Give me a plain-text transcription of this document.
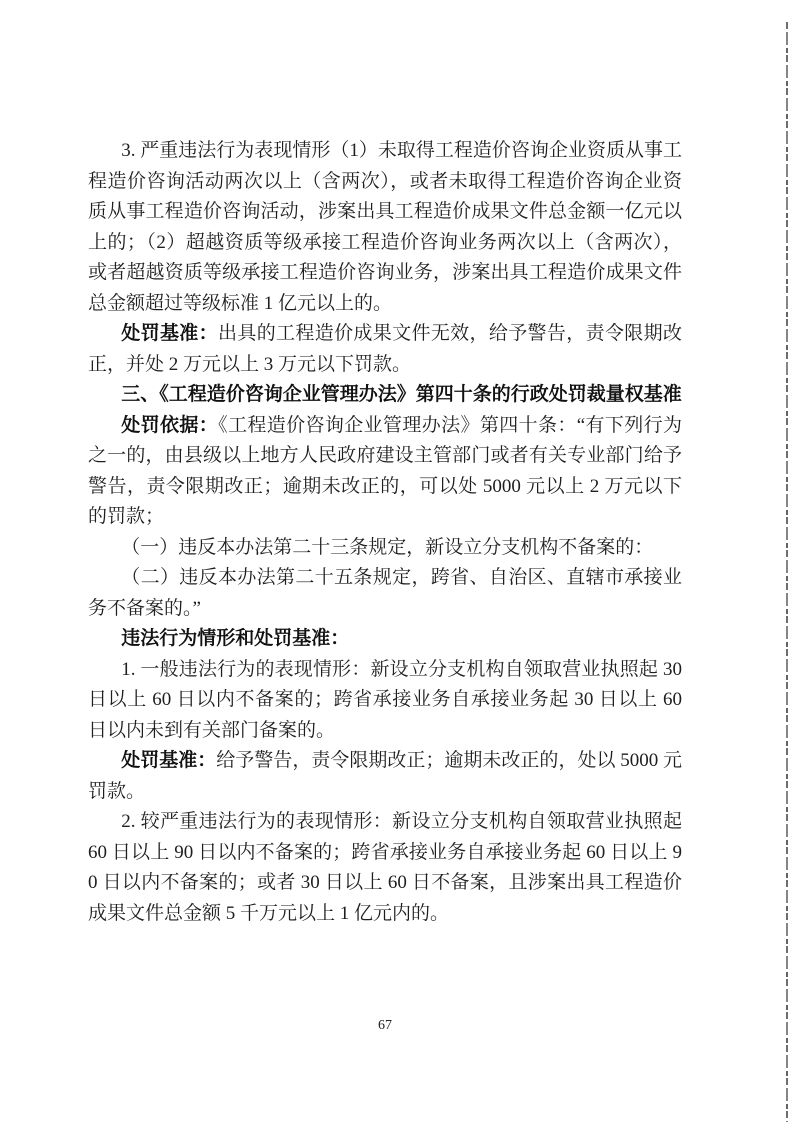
3. 严重违法行为表现情形（1）未取得工程造价咨询企业资质从事工程造价咨询活动两次以上（含两次），或者未取得工程造价咨询企业资质从事工程造价咨询活动，涉案出具工程造价成果文件总金额一亿元以上的；（2）超越资质等级承接工程造价咨询业务两次以上（含两次），或者超越资质等级承接工程造价咨询业务，涉案出具工程造价成果文件总金额超过等级标准 1 亿元以上的。

处罚基准：出具的工程造价成果文件无效，给予警告，责令限期改正，并处 2 万元以上 3 万元以下罚款。

三、《工程造价咨询企业管理办法》第四十条的行政处罚裁量权基准

处罚依据：《工程造价咨询企业管理办法》第四十条：“有下列行为之一的，由县级以上地方人民政府建设主管部门或者有关专业部门给予警告，责令限期改正；逾期未改正的，可以处 5000 元以上 2 万元以下的罚款；

（一）违反本办法第二十三条规定，新设立分支机构不备案的：

（二）违反本办法第二十五条规定，跨省、自治区、直辖市承接业务不备案的。”

违法行为情形和处罚基准：

1. 一般违法行为的表现情形：新设立分支机构自领取营业执照起 30 日以上 60 日以内不备案的；跨省承接业务自承接业务起 30 日以上 60 日以内未到有关部门备案的。

处罚基准：给予警告，责令限期改正；逾期未改正的，处以 5000 元罚款。

2. 较严重违法行为的表现情形：新设立分支机构自领取营业执照起 60 日以上 90 日以内不备案的；跨省承接业务自承接业务起 60 日以上 90 日以内不备案的；或者 30 日以上 60 日不备案，且涉案出具工程造价成果文件总金额 5 千万元以上 1 亿元内的。

67
